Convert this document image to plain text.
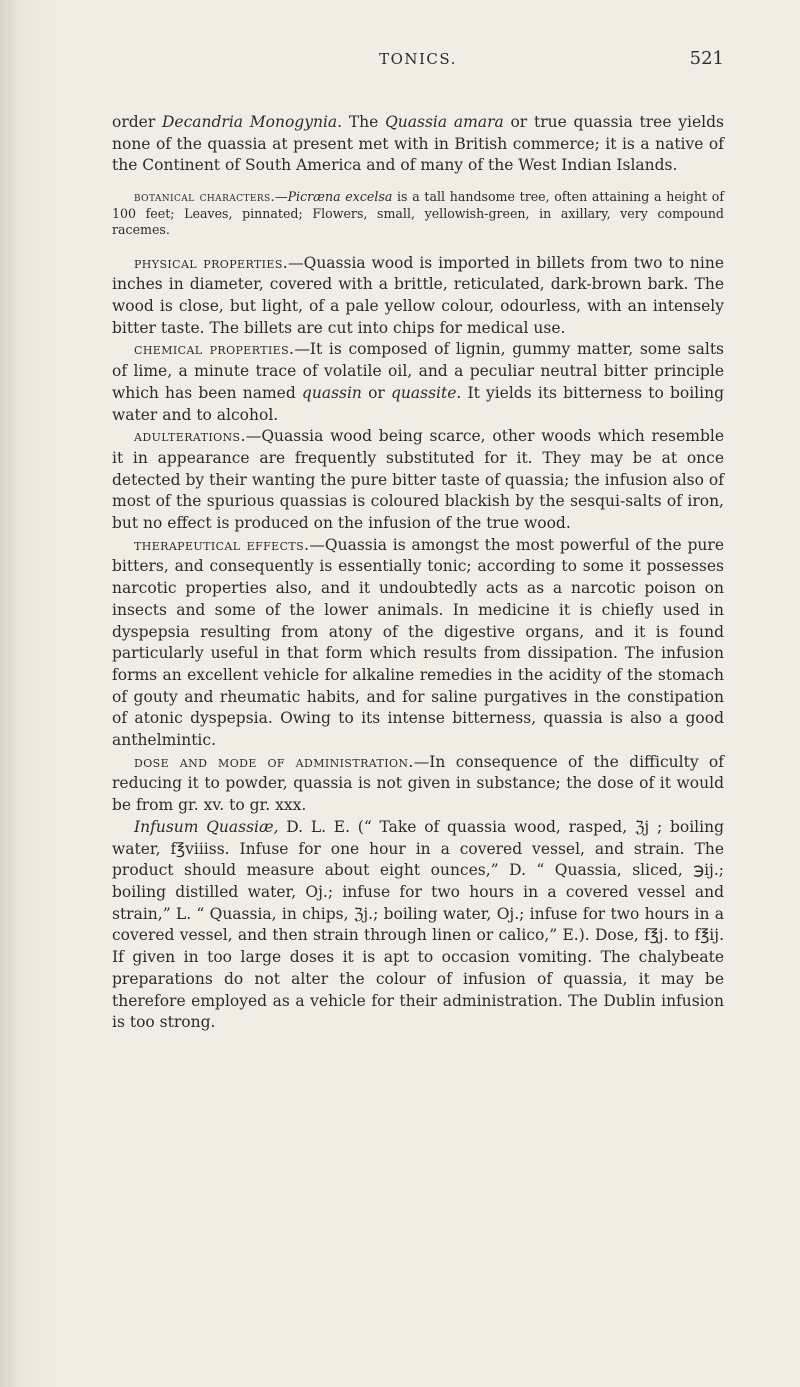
TONICS.	521

order Decandria Monogynia. The Quassia amara or true quassia tree yields none of the quassia at present met with in British commerce; it is a native of the Continent of South America and of many of the West Indian Islands.

botanical characters.—Picræna excelsa is a tall handsome tree, often attaining a height of 100 feet; Leaves, pinnated; Flowers, small, yellowish-green, in axillary, very compound racemes.

physical properties.—Quassia wood is imported in billets from two to nine inches in diameter, covered with a brittle, reticulated, dark-brown bark. The wood is close, but light, of a pale yellow colour, odourless, with an intensely bitter taste. The billets are cut into chips for medical use.

chemical properties.—It is composed of lignin, gummy matter, some salts of lime, a minute trace of volatile oil, and a peculiar neutral bitter principle which has been named quassin or quassite. It yields its bitterness to boiling water and to alcohol.

adulterations.—Quassia wood being scarce, other woods which resemble it in appearance are frequently substituted for it. They may be at once detected by their wanting the pure bitter taste of quassia; the infusion also of most of the spurious quassias is coloured blackish by the sesqui-salts of iron, but no effect is produced on the infusion of the true wood.

therapeutical effects.—Quassia is amongst the most powerful of the pure bitters, and consequently is essentially tonic; according to some it possesses narcotic properties also, and it undoubtedly acts as a narcotic poison on insects and some of the lower animals. In medicine it is chiefly used in dyspepsia resulting from atony of the digestive organs, and it is found particularly useful in that form which results from dissipation. The infusion forms an excellent vehicle for alkaline remedies in the acidity of the stomach of gouty and rheumatic habits, and for saline purgatives in the constipation of atonic dyspepsia. Owing to its intense bitterness, quassia is also a good anthelmintic.

dose and mode of administration.—In consequence of the difficulty of reducing it to powder, quassia is not given in substance; the dose of it would be from gr. xv. to gr. xxx.

Infusum Quassiæ, D. L. E. (“ Take of quassia wood, rasped, ℨj ; boiling water, f℥viiiss. Infuse for one hour in a covered vessel, and strain. The product should measure about eight ounces,” D. “ Quassia, sliced, ℈ij.; boiling distilled water, Oj.; infuse for two hours in a covered vessel and strain,” L. “ Quassia, in chips, ℨj.; boiling water, Oj.; infuse for two hours in a covered vessel, and then strain through linen or calico,” E.). Dose, f℥j. to f℥ij. If given in too large doses it is apt to occasion vomiting. The chalybeate preparations do not alter the colour of infusion of quassia, it may be therefore employed as a vehicle for their administration. The Dublin infusion is too strong.
